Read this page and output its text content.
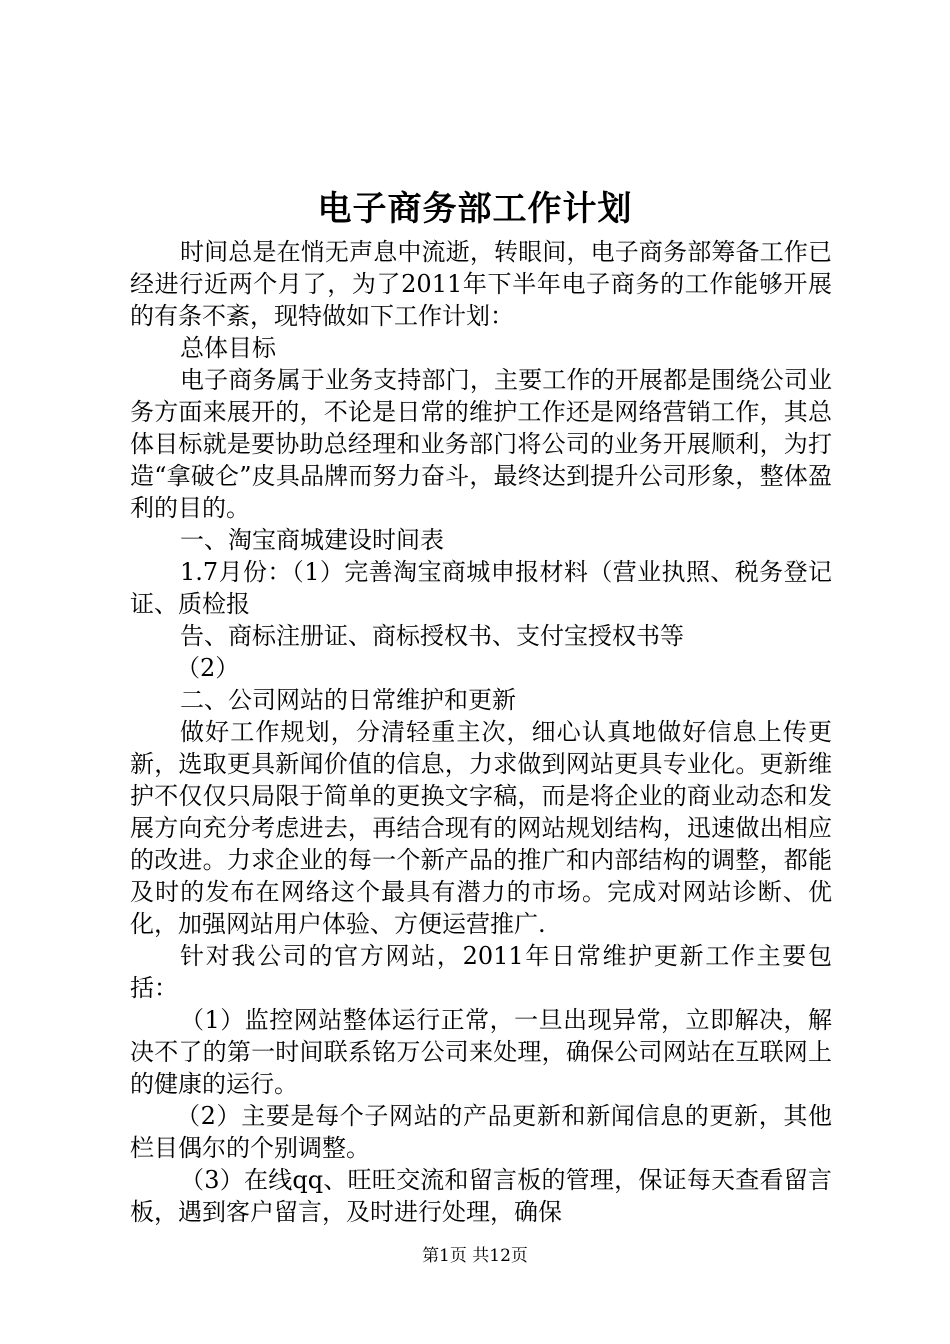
电子商务部工作计划

时间总是在悄无声息中流逝，转眼间，电子商务部筹备工作已经进行近两个月了，为了2011年下半年电子商务的工作能够开展的有条不紊，现特做如下工作计划：

总体目标

电子商务属于业务支持部门，主要工作的开展都是围绕公司业务方面来展开的，不论是日常的维护工作还是网络营销工作，其总体目标就是要协助总经理和业务部门将公司的业务开展顺利，为打造“拿破仑”皮具品牌而努力奋斗，最终达到提升公司形象，整体盈利的目的。

一、淘宝商城建设时间表

1.7月份：（1）完善淘宝商城申报材料（营业执照、税务登记证、质检报

告、商标注册证、商标授权书、支付宝授权书等

（2）

二、公司网站的日常维护和更新

做好工作规划，分清轻重主次，细心认真地做好信息上传更新，选取更具新闻价值的信息，力求做到网站更具专业化。更新维护不仅仅只局限于简单的更换文字稿，而是将企业的商业动态和发展方向充分考虑进去，再结合现有的网站规划结构，迅速做出相应的改进。力求企业的每一个新产品的推广和内部结构的调整，都能及时的发布在网络这个最具有潜力的市场。完成对网站诊断、优化，加强网站用户体验、方便运营推广.

针对我公司的官方网站，2011年日常维护更新工作主要包括：

（1）监控网站整体运行正常，一旦出现异常，立即解决，解决不了的第一时间联系铭万公司来处理，确保公司网站在互联网上的健康的运行。

（2）主要是每个子网站的产品更新和新闻信息的更新，其他栏目偶尔的个别调整。

（3）在线qq、旺旺交流和留言板的管理，保证每天查看留言板，遇到客户留言，及时进行处理，确保

第1页 共12页
